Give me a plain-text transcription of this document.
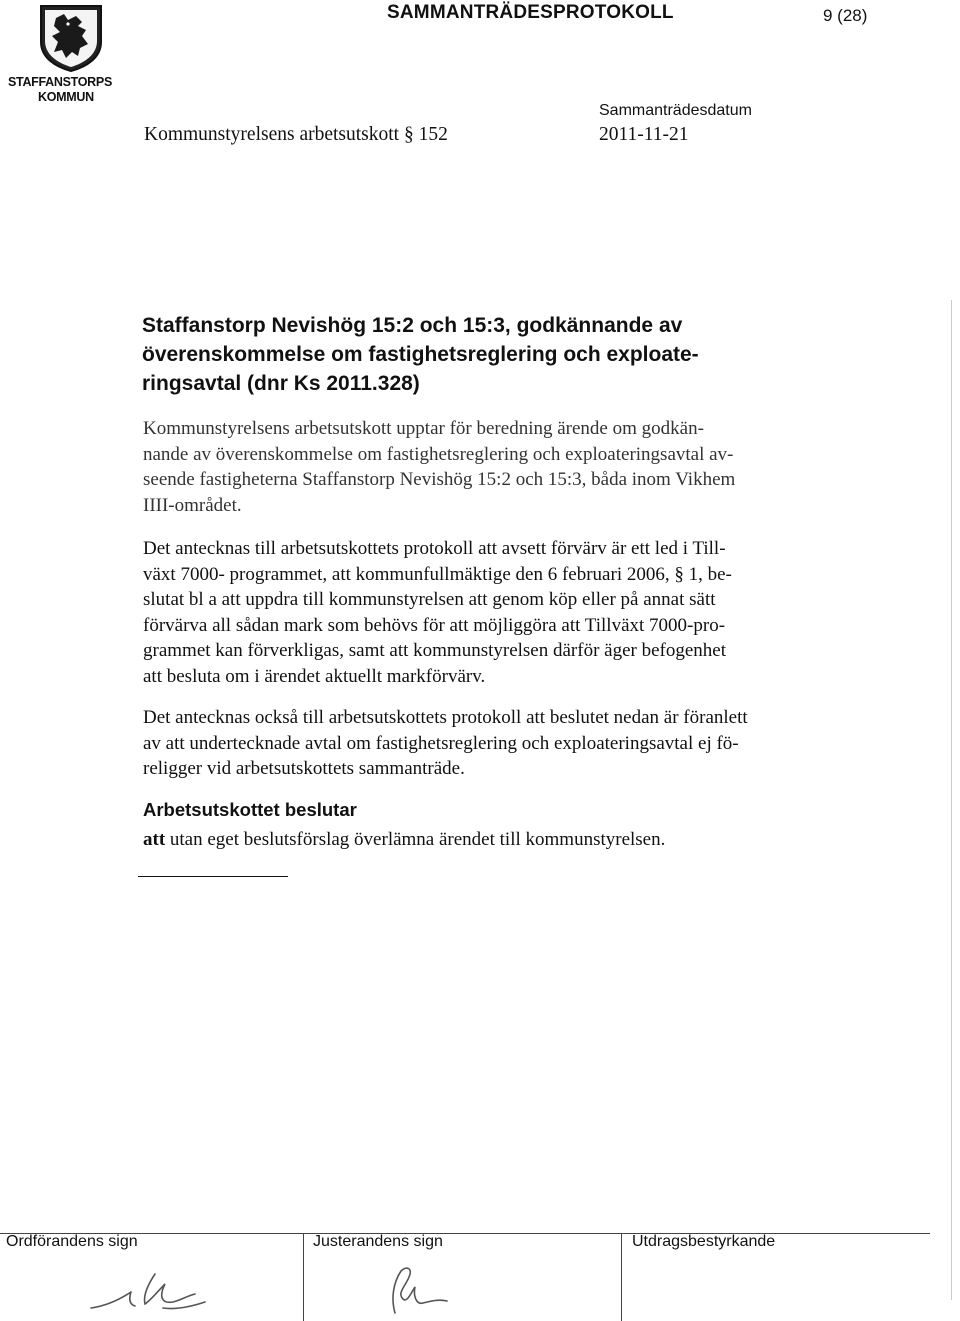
STAFFANSTORPS
KOMMUN
SAMMANTRÄDESPROTOKOLL	9 (28)
Kommunstyrelsens arbetsutskott § 152
Sammanträdesdatum
2011-11-21
Staffanstorp Nevishög 15:2 och 15:3, godkännande av
överenskommelse om fastighetsreglering och exploate-
ringsavtal (dnr Ks 2011.328)
Kommunstyrelsens arbetsutskott upptar för beredning ärende om godkän-
nande av överenskommelse om fastighetsreglering och exploateringsavtal av-
seende fastigheterna Staffanstorp Nevishög 15:2 och 15:3, båda inom Vikhem
IIII-området.
Det antecknas till arbetsutskottets protokoll att avsett förvärv är ett led i Till-
växt 7000- programmet, att kommunfullmäktige den 6 februari 2006, § 1, be-
slutat bl a att uppdra till kommunstyrelsen att genom köp eller på annat sätt
förvärva all sådan mark som behövs för att möjliggöra att Tillväxt 7000-pro-
grammet kan förverkligas, samt att kommunstyrelsen därför äger befogenhet
att besluta om i ärendet aktuellt markförvärv.
Det antecknas också till arbetsutskottets protokoll att beslutet nedan är föranlett
av att undertecknade avtal om fastighetsreglering och exploateringsavtal ej fö-
religger vid arbetsutskottets sammanträde.
Arbetsutskottet beslutar
att utan eget beslutsförslag överlämna ärendet till kommunstyrelsen.
Ordförandens sign	Justerandens sign	Utdragsbestyrkande
